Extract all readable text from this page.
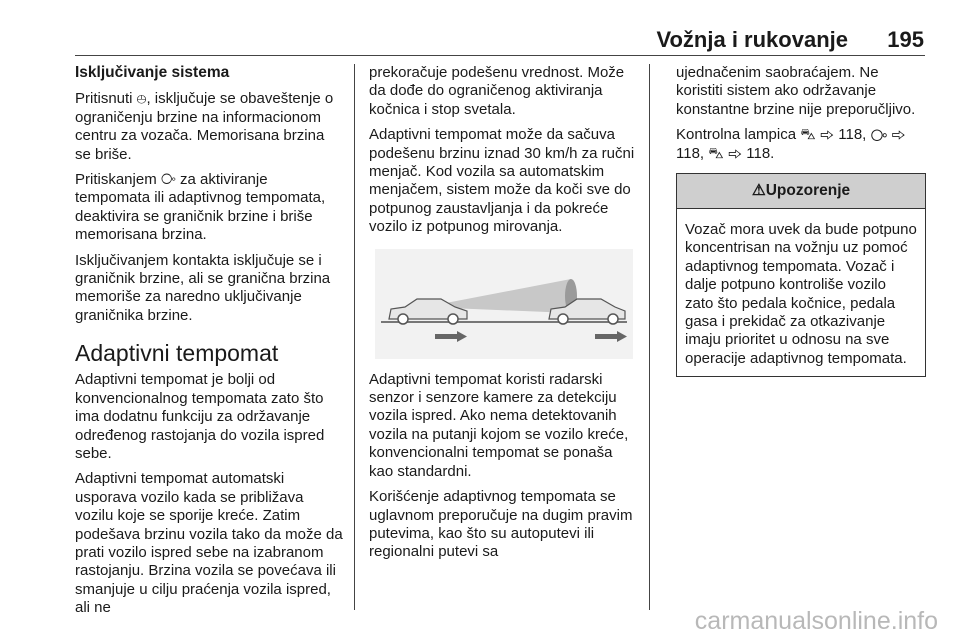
Vožnja i rukovanje 195
Isključivanje sistema

Pritisnuti ⦺, isključuje se obaveštenje o ograničenju brzine na informacionom centru za vozača. Memorisana brzina se briše.

Pritiskanjem ⧂ za aktiviranje tempomata ili adaptivnog tempomata, deaktivira se graničnik brzine i briše memorisana brzina.

Isključivanjem kontakta isključuje se i graničnik brzine, ali se granična brzina memoriše za naredno uključivanje graničnika brzine.

Adaptivni tempomat

Adaptivni tempomat je bolji od konvencionalnog tempomata zato što ima dodatnu funkciju za održavanje određenog rastojanja do vozila ispred sebe.

Adaptivni tempomat automatski usporava vozilo kada se približava vozilu koje se sporije kreće. Zatim podešava brzinu vozila tako da može da prati vozilo ispred sebe na izabranom rastojanju. Brzina vozila se povećava ili smanjuje u cilju praćenja vozila ispred, ali ne

prekoračuje podešenu vrednost. Može da dođe do ograničenog aktiviranja kočnica i stop svetala.

Adaptivni tempomat može da sačuva podešenu brzinu iznad 30 km/h za ručni menjač. Kod vozila sa automatskim menjačem, sistem može da koči sve do potpunog zaustavljanja i da pokreće vozilo iz potpunog mirovanja.

Adaptivni tempomat koristi radarski senzor i senzore kamere za detekciju vozila ispred. Ako nema detektovanih vozila na putanji kojom se vozilo kreće, konvencionalni tempomat se ponaša kao standardni.

Korišćenje adaptivnog tempomata se uglavnom preporučuje na dugim pravim putevima, kao što su autoputevi ili regionalni putevi sa

ujednačenim saobraćajem. Ne koristiti sistem ako održavanje konstantne brzine nije preporučljivo.

Kontrolna lampica ⛍ ⇨ 118, ⧂ ⇨ 118, ⛍ ⇨ 118.

⚠Upozorenje
Vozač mora uvek da bude potpuno koncentrisan na vožnju uz pomoć adaptivnog tempomata. Vozač i dalje potpuno kontroliše vozilo zato što pedala kočnice, pedala gasa i prekidač za otkazivanje imaju prioritet u odnosu na sve operacije adaptivnog tempomata.
carmanualsonline.info
